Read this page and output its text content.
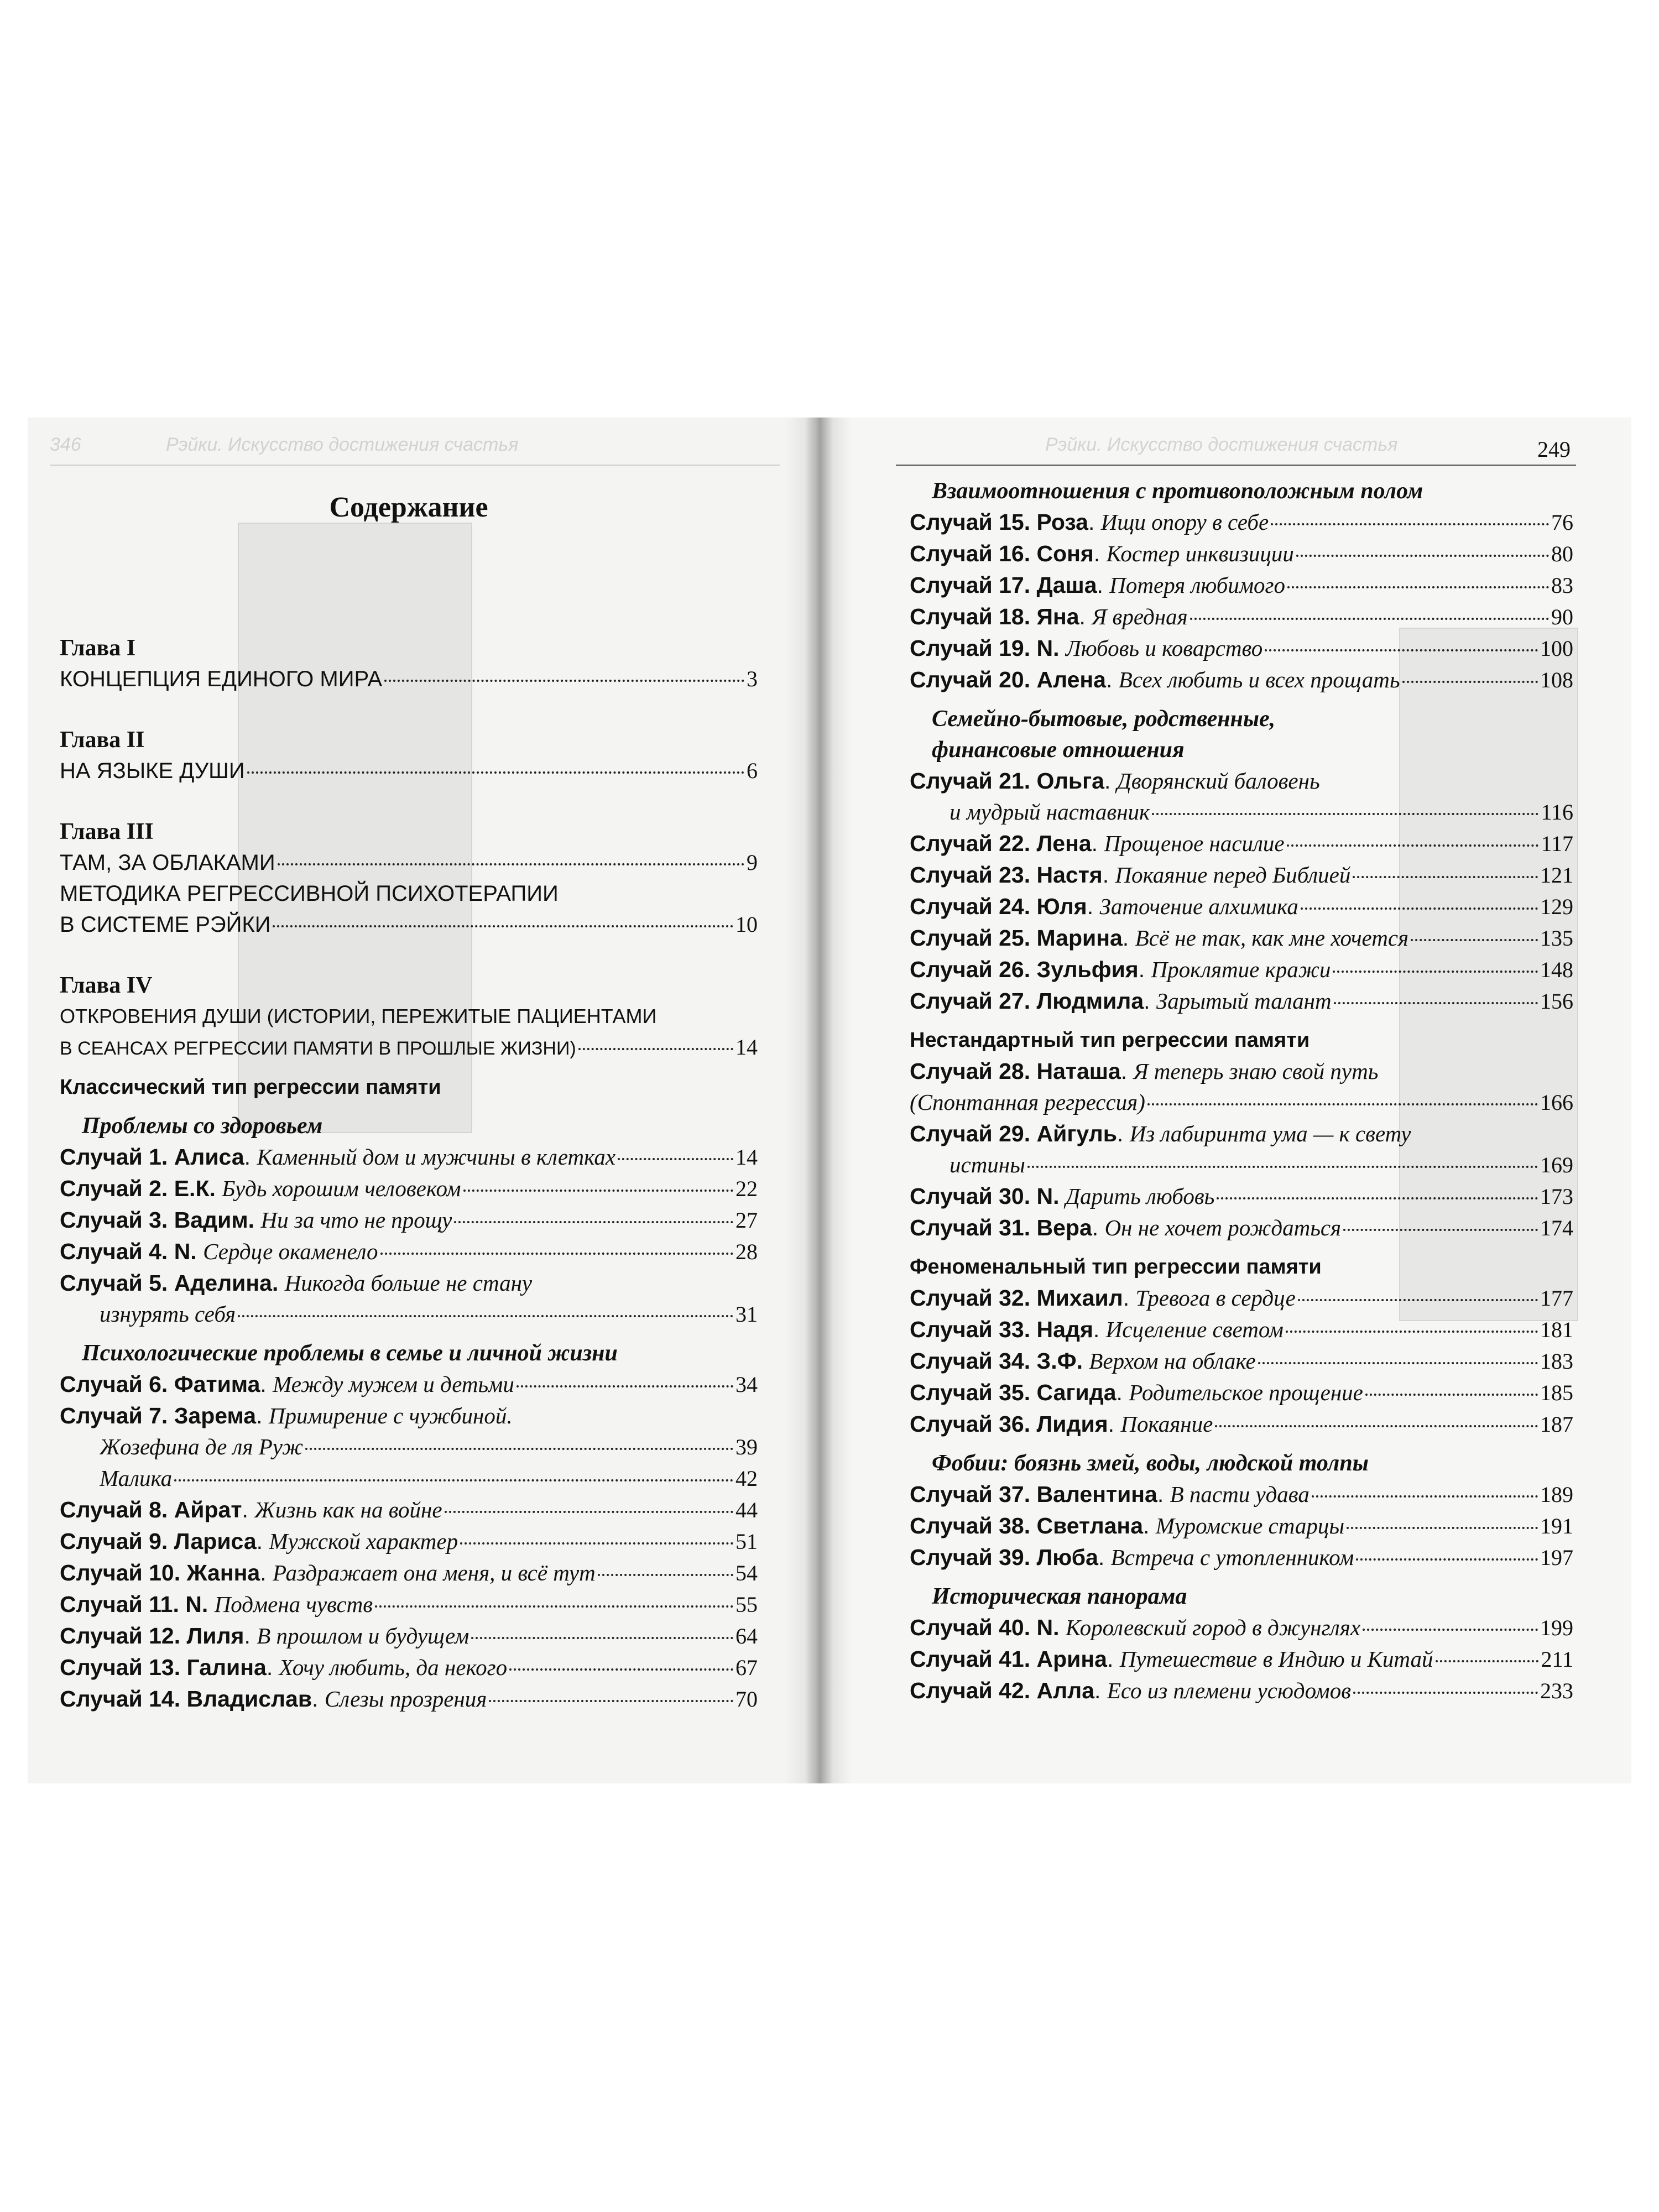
346	Рэйки. Искусство достижения счастья
Содержание
Глава I
КОНЦЕПЦИЯ ЕДИНОГО МИРА	3
Глава II
НА ЯЗЫКЕ ДУШИ	6
Глава III
ТАМ, ЗА ОБЛАКАМИ	9
МЕТОДИКА РЕГРЕССИВНОЙ ПСИХОТЕРАПИИ
В СИСТЕМЕ РЭЙКИ	10
Глава IV
ОТКРОВЕНИЯ ДУШИ (ИСТОРИИ, ПЕРЕЖИТЫЕ ПАЦИЕНТАМИ
В СЕАНСАХ РЕГРЕССИИ ПАМЯТИ В ПРОШЛЫЕ ЖИЗНИ)	14
Классический тип регрессии памяти
Проблемы со здоровьем
Случай 1. Алиса. Каменный дом и мужчины в клетках	14
Случай 2. Е.К. Будь хорошим человеком	22
Случай 3. Вадим. Ни за что не прощу	27
Случай 4. N. Сердце окаменело	28
Случай 5. Аделина. Никогда больше не стану
изнурять себя	31
Психологические проблемы в семье и личной жизни
Случай 6. Фатима. Между мужем и детьми	34
Случай 7. Зарема. Примирение с чужбиной.
Жозефина де ля Руж	39
Малика	42
Случай 8. Айрат. Жизнь как на войне	44
Случай 9. Лариса. Мужской характер	51
Случай 10. Жанна. Раздражает она меня, и всё тут	54
Случай 11. N. Подмена чувств	55
Случай 12. Лиля. В прошлом и будущем	64
Случай 13. Галина. Хочу любить, да некого	67
Случай 14. Владислав. Слезы прозрения	70
Рэйки. Искусство достижения счастья	249
Взаимоотношения с противоположным полом
Случай 15. Роза. Ищи опору в себе	76
Случай 16. Соня. Костер инквизиции	80
Случай 17. Даша. Потеря любимого	83
Случай 18. Яна. Я вредная	90
Случай 19. N. Любовь и коварство	100
Случай 20. Алена. Всех любить и всех прощать	108
Семейно-бытовые, родственные,
финансовые отношения
Случай 21. Ольга. Дворянский баловень
и мудрый наставник	116
Случай 22. Лена. Прощеное насилие	117
Случай 23. Настя. Покаяние перед Библией	121
Случай 24. Юля. Заточение алхимика	129
Случай 25. Марина. Всё не так, как мне хочется	135
Случай 26. Зульфия. Проклятие кражи	148
Случай 27. Людмила. Зарытый талант	156
Нестандартный тип регрессии памяти
Случай 28. Наташа. Я теперь знаю свой путь
(Спонтанная регрессия)	166
Случай 29. Айгуль. Из лабиринта ума — к свету
истины	169
Случай 30. N. Дарить любовь	173
Случай 31. Вера. Он не хочет рождаться	174
Феноменальный тип регрессии памяти
Случай 32. Михаил. Тревога в сердце	177
Случай 33. Надя. Исцеление светом	181
Случай 34. З.Ф. Верхом на облаке	183
Случай 35. Сагида. Родительское прощение	185
Случай 36. Лидия. Покаяние	187
Фобии: боязнь змей, воды, людской толпы
Случай 37. Валентина. В пасти удава	189
Случай 38. Светлана. Муромские старцы	191
Случай 39. Люба. Встреча с утопленником	197
Историческая панорама
Случай 40. N. Королевский город в джунглях	199
Случай 41. Арина. Путешествие в Индию и Китай	211
Случай 42. Алла. Есо из племени усюдомов	233
